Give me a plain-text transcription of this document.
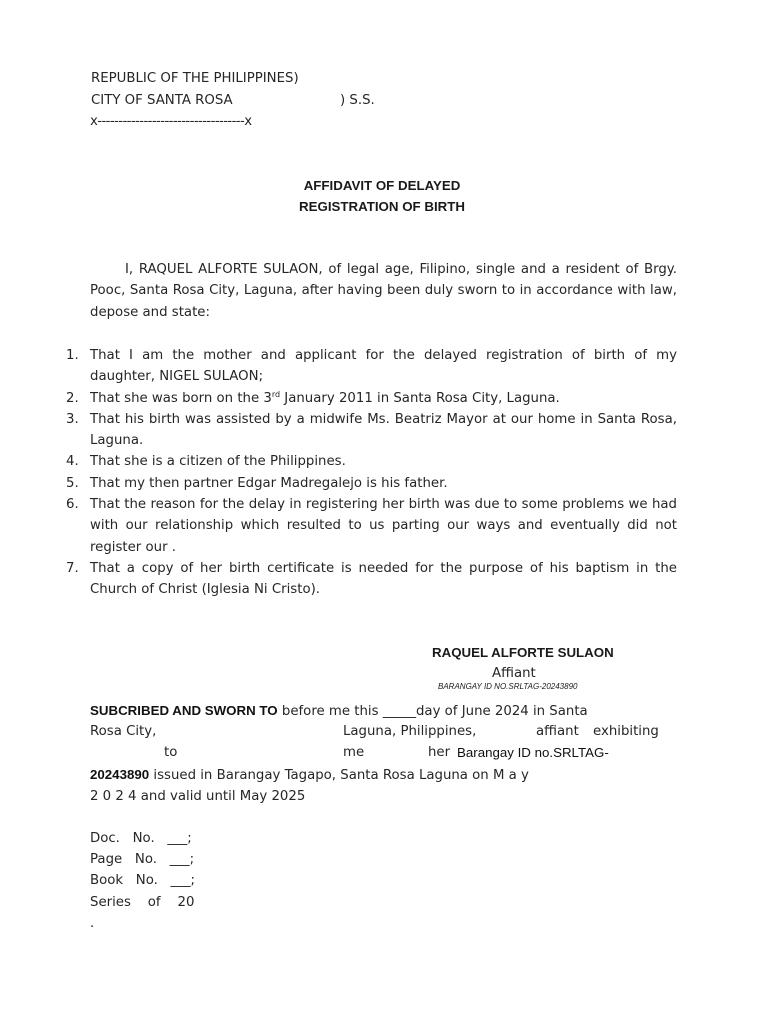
REPUBLIC OF THE PHILIPPINES)

CITY OF SANTA ROSA	) S.S.

x-----------------------------------x

AFFIDAVIT OF DELAYED

REGISTRATION OF BIRTH

I, RAQUEL ALFORTE SULAON, of legal age, Filipino, single and a resident of Brgy. Pooc, Santa Rosa City, Laguna, after having been duly sworn to in accordance with law, depose and state:

1. That I am the mother and applicant for the delayed registration of birth of my daughter, NIGEL SULAON;
2. That she was born on the 3rd January 2011 in Santa Rosa City, Laguna.
3. That his birth was assisted by a midwife Ms. Beatriz Mayor at our home in Santa Rosa, Laguna.
4. That she is a citizen of the Philippines.
5. That my then partner Edgar Madregalejo is his father.
6. That the reason for the delay in registering her birth was due to some problems we had with our relationship which resulted to us parting our ways and eventually did not register our .
7. That a copy of her birth certificate is needed for the purpose of his baptism in the Church of Christ (Iglesia Ni Cristo).

RAQUEL ALFORTE SULAON

Affiant

BARANGAY ID NO.SRLTAG-20243890

SUBCRIBED AND SWORN TO before me this _____day of June 2024 in Santa
Rosa City,	Laguna, Philippines,	affiant exhibiting
to	me	her Barangay ID no.SRLTAG-
20243890 issued in Barangay Tagapo, Santa Rosa Laguna on M a y
2 0 2 4 and valid until May 2025

Doc.   No.   ___;

Page   No.   ___;

Book   No.   ___;

Series    of    20

.
